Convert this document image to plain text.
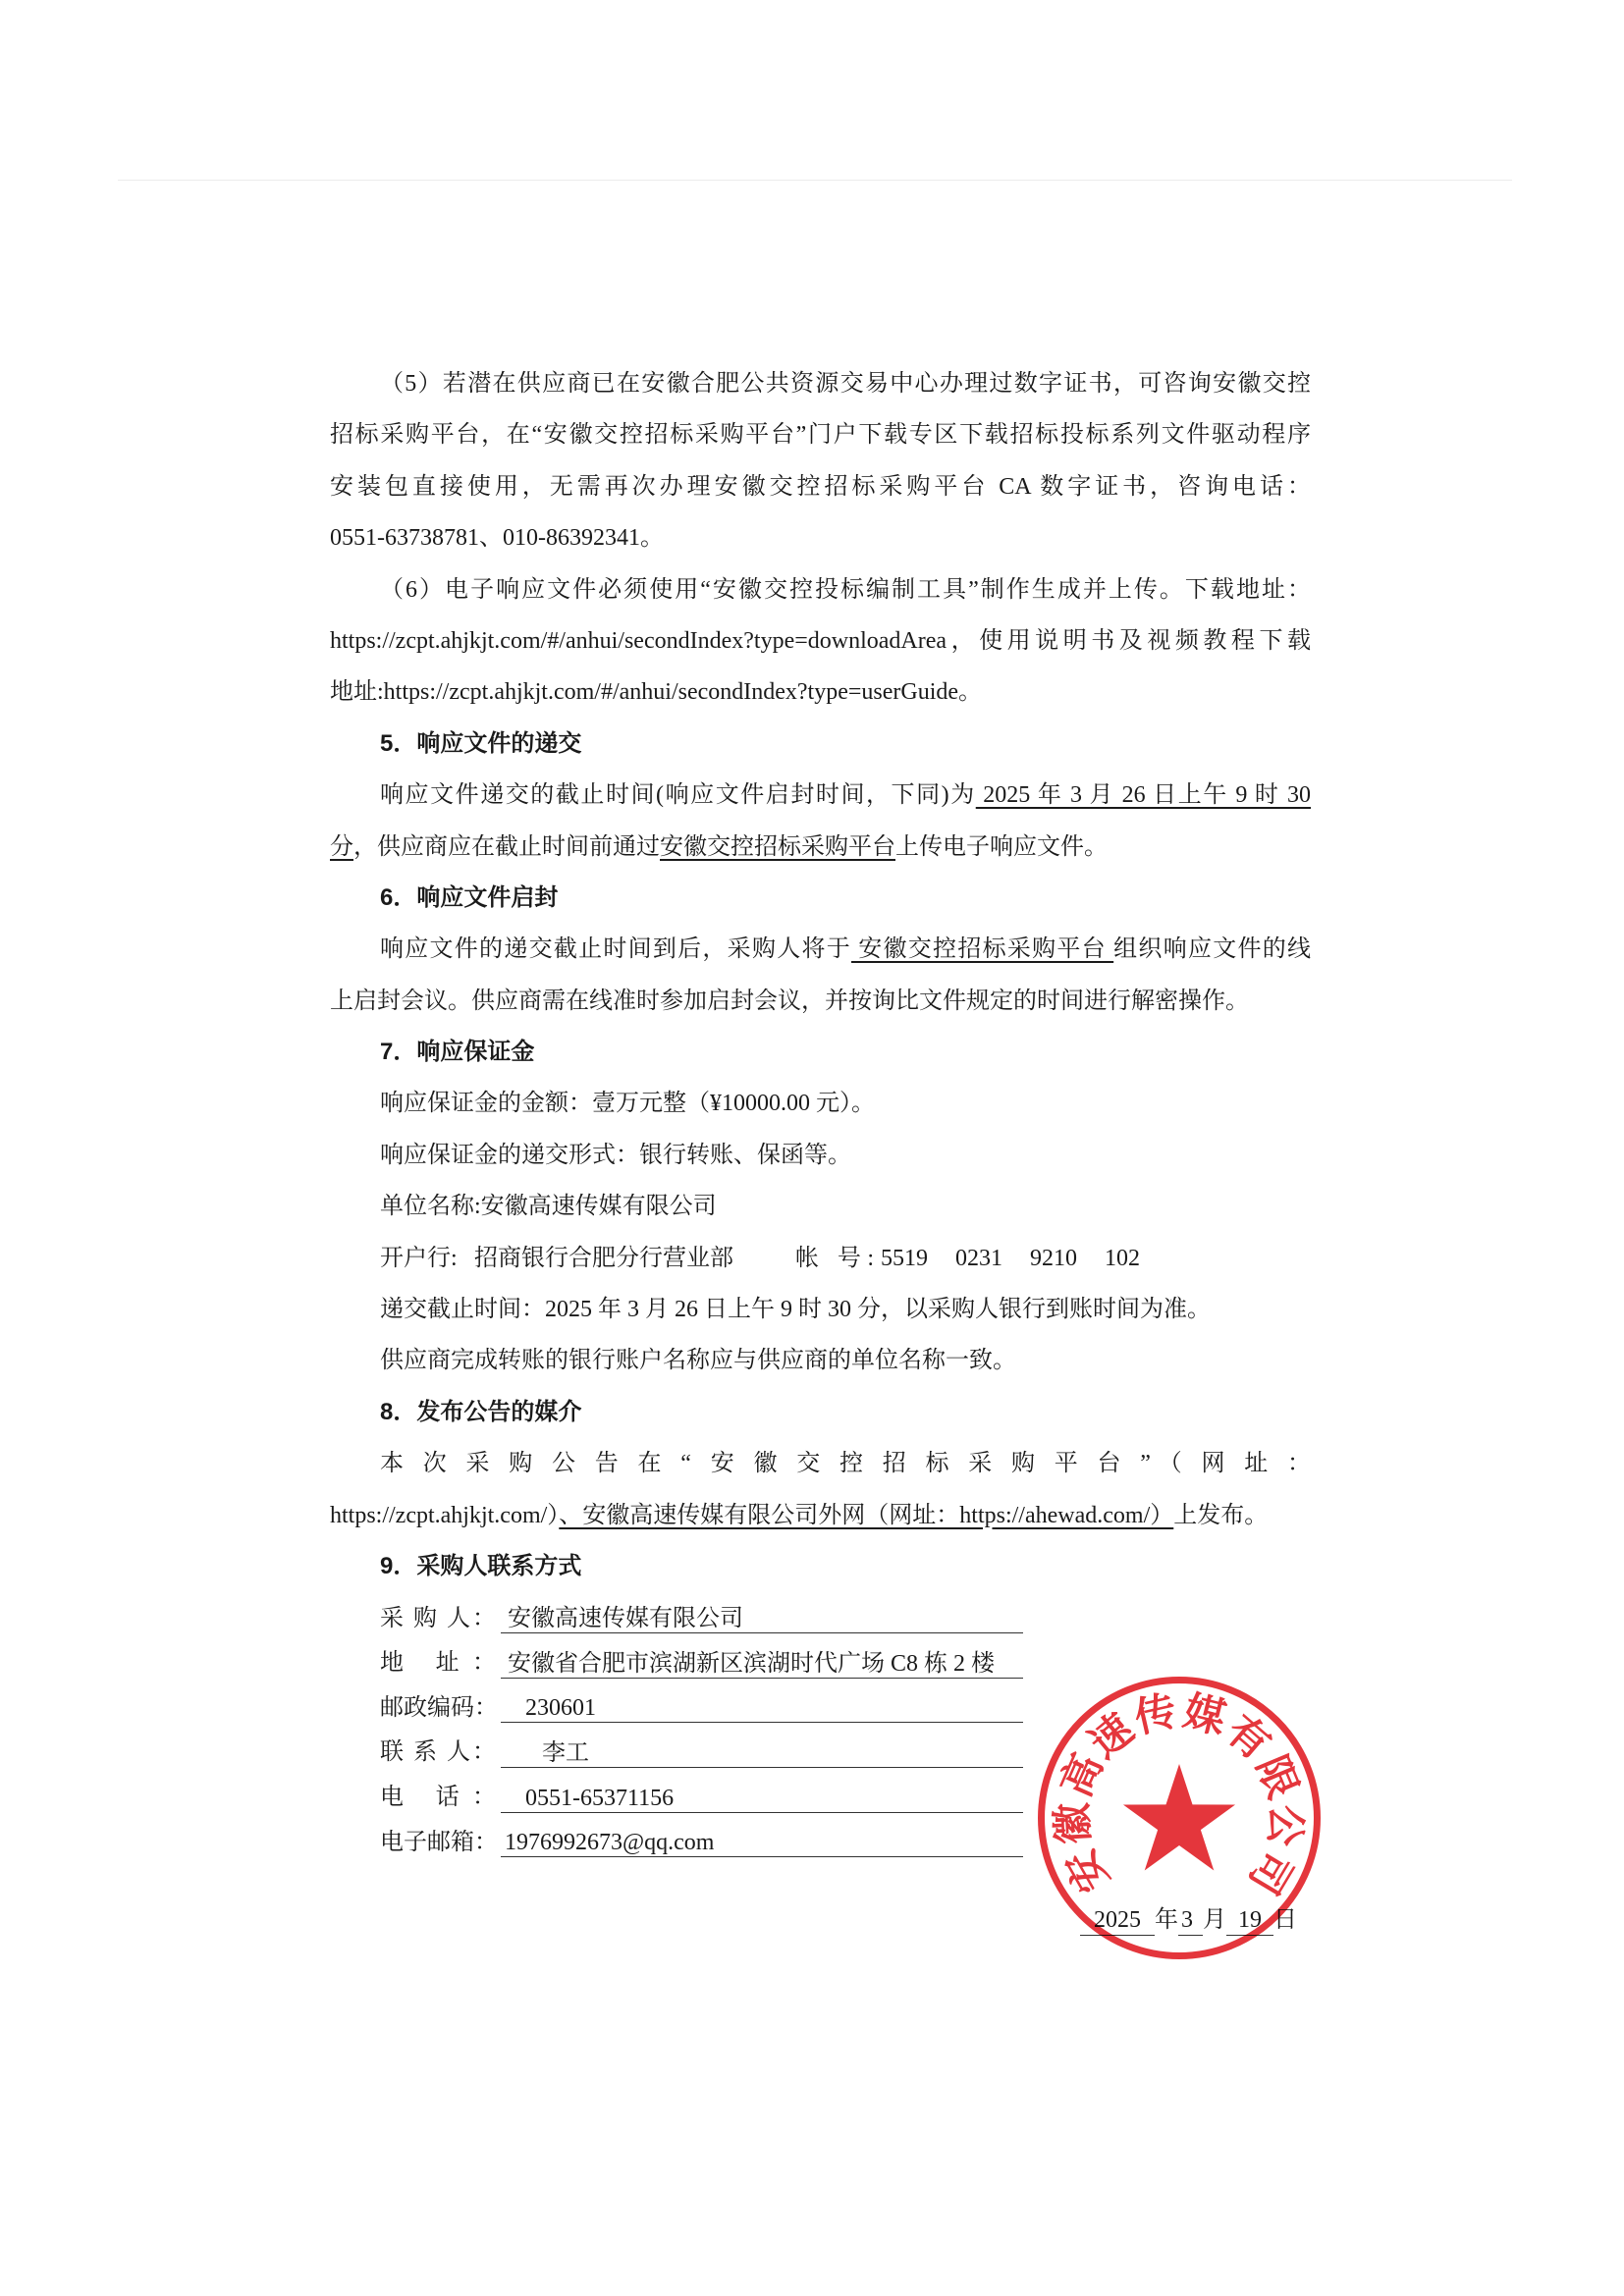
（5）若潜在供应商已在安徽合肥公共资源交易中心办理过数字证书，可咨询安徽交控
招标采购平台，在“安徽交控招标采购平台”门户下载专区下载招标投标系列文件驱动程序
安装包直接使用，无需再次办理安徽交控招标采购平台 CA 数字证书，咨询电话：
0551-63738781、010-86392341。
（6）电子响应文件必须使用“安徽交控投标编制工具”制作生成并上传。下载地址：
https://zcpt.ahjkjt.com/#/anhui/secondIndex?type=downloadArea，使用说明书及视频教程下载
地址:https://zcpt.ahjkjt.com/#/anhui/secondIndex?type=userGuide。
5．响应文件的递交
响应文件递交的截止时间(响应文件启封时间，下同)为 2025 年 3 月 26 日上午 9 时 30
分，供应商应在截止时间前通过安徽交控招标采购平台上传电子响应文件。
6．响应文件启封
响应文件的递交截止时间到后，采购人将于 安徽交控招标采购平台 组织响应文件的线
上启封会议。供应商需在线准时参加启封会议，并按询比文件规定的时间进行解密操作。
7．响应保证金
响应保证金的金额：壹万元整（¥10000.00 元）。
响应保证金的递交形式：银行转账、保函等。
单位名称:安徽高速传媒有限公司
开户行: 招商银行合肥分行营业部	帐 号: 5519 0231 9210 102
递交截止时间：2025 年 3 月 26 日上午 9 时 30 分，以采购人银行到账时间为准。
供应商完成转账的银行账户名称应与供应商的单位名称一致。
8．发布公告的媒介
本次采购公告在“安徽交控招标采购平台”（网址：
https://zcpt.ahjkjt.com/）、安徽高速传媒有限公司外网（网址：https://ahewad.com/）上发布。
9．采购人联系方式
采 购 人： 安徽高速传媒有限公司
地 址： 安徽省合肥市滨湖新区滨湖时代广场 C8 栋 2 楼
邮政编码：	230601
联 系 人：	李工
电 话：	0551-65371156
电子邮箱： 1976992673@qq.com
2025 年 3 月 19 日
安徽高速传媒有限公司
